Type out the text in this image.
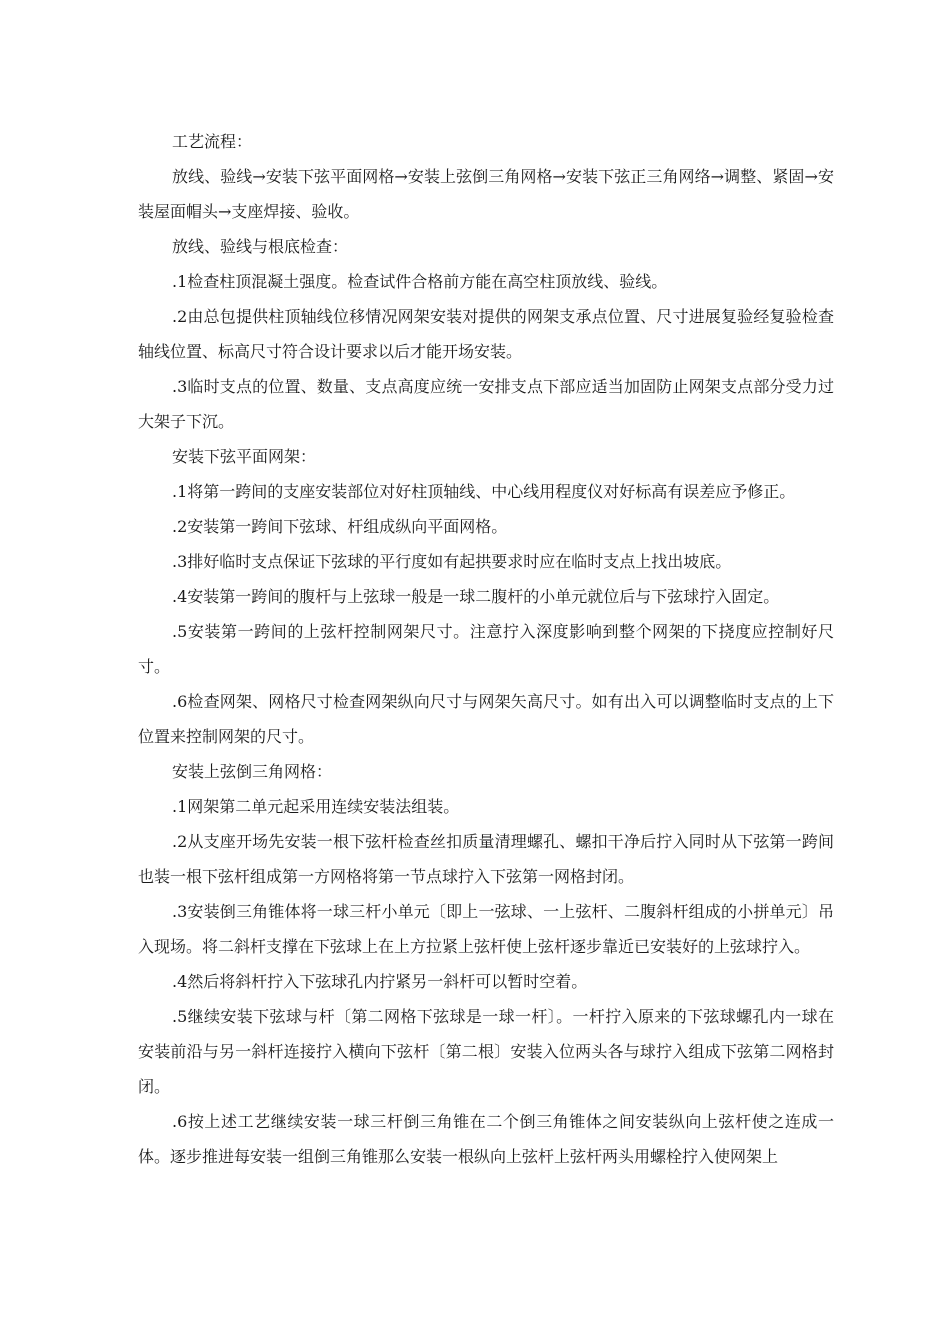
工艺流程：

放线、验线→安装下弦平面网格→安装上弦倒三角网格→安装下弦正三角网络→调整、紧固→安装屋面帽头→支座焊接、验收。

放线、验线与根底检查：

.1检查柱顶混凝土强度。检查试件合格前方能在高空柱顶放线、验线。

.2由总包提供柱顶轴线位移情况网架安装对提供的网架支承点位置、尺寸进展复验经复验检查轴线位置、标高尺寸符合设计要求以后才能开场安装。

.3临时支点的位置、数量、支点高度应统一安排支点下部应适当加固防止网架支点部分受力过大架子下沉。

安装下弦平面网架：

.1将第一跨间的支座安装部位对好柱顶轴线、中心线用程度仪对好标高有误差应予修正。

.2安装第一跨间下弦球、杆组成纵向平面网格。

.3排好临时支点保证下弦球的平行度如有起拱要求时应在临时支点上找出坡底。

.4安装第一跨间的腹杆与上弦球一般是一球二腹杆的小单元就位后与下弦球拧入固定。

.5安装第一跨间的上弦杆控制网架尺寸。注意拧入深度影响到整个网架的下挠度应控制好尺寸。

.6检查网架、网格尺寸检查网架纵向尺寸与网架矢高尺寸。如有出入可以调整临时支点的上下位置来控制网架的尺寸。

安装上弦倒三角网格：

.1网架第二单元起采用连续安装法组装。

.2从支座开场先安装一根下弦杆检查丝扣质量清理螺孔、螺扣干净后拧入同时从下弦第一跨间也装一根下弦杆组成第一方网格将第一节点球拧入下弦第一网格封闭。

.3安装倒三角锥体将一球三杆小单元〔即上一弦球、一上弦杆、二腹斜杆组成的小拼单元〕吊入现场。将二斜杆支撑在下弦球上在上方拉紧上弦杆使上弦杆逐步靠近已安装好的上弦球拧入。

.4然后将斜杆拧入下弦球孔内拧紧另一斜杆可以暂时空着。

.5继续安装下弦球与杆〔第二网格下弦球是一球一杆〕。一杆拧入原来的下弦球螺孔内一球在安装前沿与另一斜杆连接拧入横向下弦杆〔第二根〕安装入位两头各与球拧入组成下弦第二网格封闭。

.6按上述工艺继续安装一球三杆倒三角锥在二个倒三角锥体之间安装纵向上弦杆使之连成一体。逐步推进每安装一组倒三角锥那么安装一根纵向上弦杆上弦杆两头用螺栓拧入使网架上
